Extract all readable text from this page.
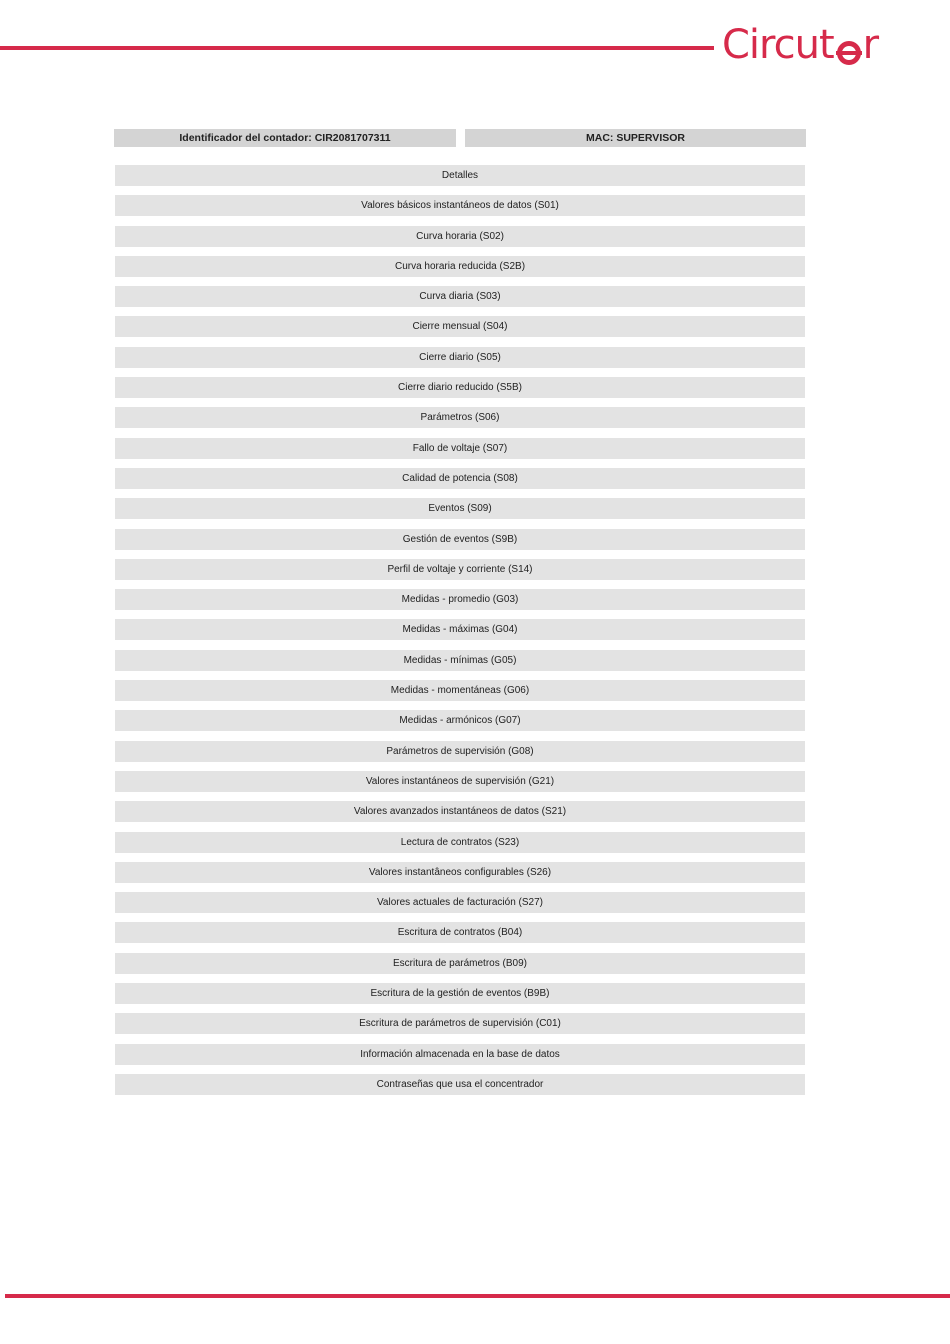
Circut r
Identificador del contador: CIR2081707311	MAC: SUPERVISOR
Detalles
Valores básicos instantáneos de datos (S01)
Curva horaria (S02)
Curva horaria reducida (S2B)
Curva diaria (S03)
Cierre mensual (S04)
Cierre diario (S05)
Cierre diario reducido (S5B)
Parámetros (S06)
Fallo de voltaje (S07)
Calidad de potencia (S08)
Eventos (S09)
Gestión de eventos (S9B)
Perfil de voltaje y corriente (S14)
Medidas - promedio (G03)
Medidas - máximas (G04)
Medidas - mínimas (G05)
Medidas - momentáneas (G06)
Medidas - armónicos (G07)
Parámetros de supervisión (G08)
Valores instantáneos de supervisión (G21)
Valores avanzados instantáneos de datos (S21)
Lectura de contratos (S23)
Valores instantâneos configurables (S26)
Valores actuales de facturación (S27)
Escritura de contratos (B04)
Escritura de parámetros (B09)
Escritura de la gestión de eventos (B9B)
Escritura de parámetros de supervisión (C01)
Información almacenada en la base de datos
Contraseñas que usa el concentrador
